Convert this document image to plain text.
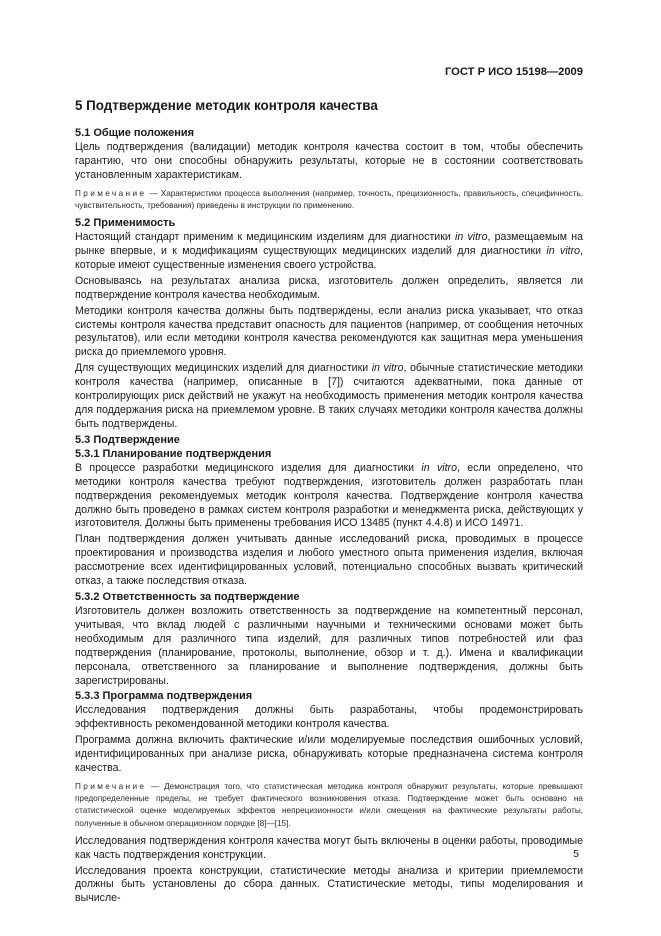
ГОСТ Р ИСО 15198—2009
5 Подтверждение методик контроля качества
5.1 Общие положения

Цель подтверждения (валидации) методик контроля качества состоит в том, чтобы обеспечить гарантию, что они способны обнаружить результаты, которые не в состоянии соответствовать установленным характеристикам.

Примечание — Характеристики процесса выполнения (например, точность, прецизионность, правильность, специфичность, чувствительность, требования) приведены в инструкции по применению.

5.2 Применимость

Настоящий стандарт применим к медицинским изделиям для диагностики in vitro, размещаемым на рынке впервые, и к модификациям существующих медицинских изделий для диагностики in vitro, которые имеют существенные изменения своего устройства.

Основываясь на результатах анализа риска, изготовитель должен определить, является ли подтверждение контроля качества необходимым.

Методики контроля качества должны быть подтверждены, если анализ риска указывает, что отказ системы контроля качества представит опасность для пациентов (например, от сообщения неточных результатов), или если методики контроля качества рекомендуются как защитная мера уменьшения риска до приемлемого уровня.

Для существующих медицинских изделий для диагностики in vitro, обычные статистические методики контроля качества (например, описанные в [7]) считаются адекватными, пока данные от контролирующих риск действий не укажут на необходимость применения методик контроля качества для поддержания риска на приемлемом уровне. В таких случаях методики контроля качества должны быть подтверждены.

5.3 Подтверждение
5.3.1 Планирование подтверждения

В процессе разработки медицинского изделия для диагностики in vitro, если определено, что методики контроля качества требуют подтверждения, изготовитель должен разработать план подтверждения рекомендуемых методик контроля качества. Подтверждение контроля качества должно быть проведено в рамках систем контроля разработки и менеджмента риска, действующих у изготовителя. Должны быть применены требования ИСО 13485 (пункт 4.4.8) и ИСО 14971.

План подтверждения должен учитывать данные исследований риска, проводимых в процессе проектирования и производства изделия и любого уместного опыта применения изделия, включая рассмотрение всех идентифицированных условий, потенциально способных вызвать критический отказ, а также последствия отказа.

5.3.2 Ответственность за подтверждение

Изготовитель должен возложить ответственность за подтверждение на компетентный персонал, учитывая, что вклад людей с различными научными и техническими основами может быть необходимым для различного типа изделий, для различных типов потребностей или фаз подтверждения (планирование, протоколы, выполнение, обзор и т. д.). Имена и квалификации персонала, ответственного за планирование и выполнение подтверждения, должны быть зарегистрированы.

5.3.3 Программа подтверждения

Исследования подтверждения должны быть разработаны, чтобы продемонстрировать эффективность рекомендованной методики контроля качества.

Программа должна включить фактические и/или моделируемые последствия ошибочных условий, идентифицированных при анализе риска, обнаруживать которые предназначена система контроля качества.

Примечание — Демонстрация того, что статистическая методика контроля обнаружит результаты, которые превышают предопределенные пределы, не требует фактического возникновения отказа. Подтверждение может быть основано на статистической оценке моделируемых эффектов непрецизионности и/или смещения на фактические результаты работы, полученные в обычном операционном порядке [8]—[15].

Исследования подтверждения контроля качества могут быть включены в оценки работы, проводимые как часть подтверждения конструкции.

Исследования проекта конструкции, статистические методы анализа и критерии приемлемости должны быть установлены до сбора данных. Статистические методы, типы моделирования и вычисле-

5
